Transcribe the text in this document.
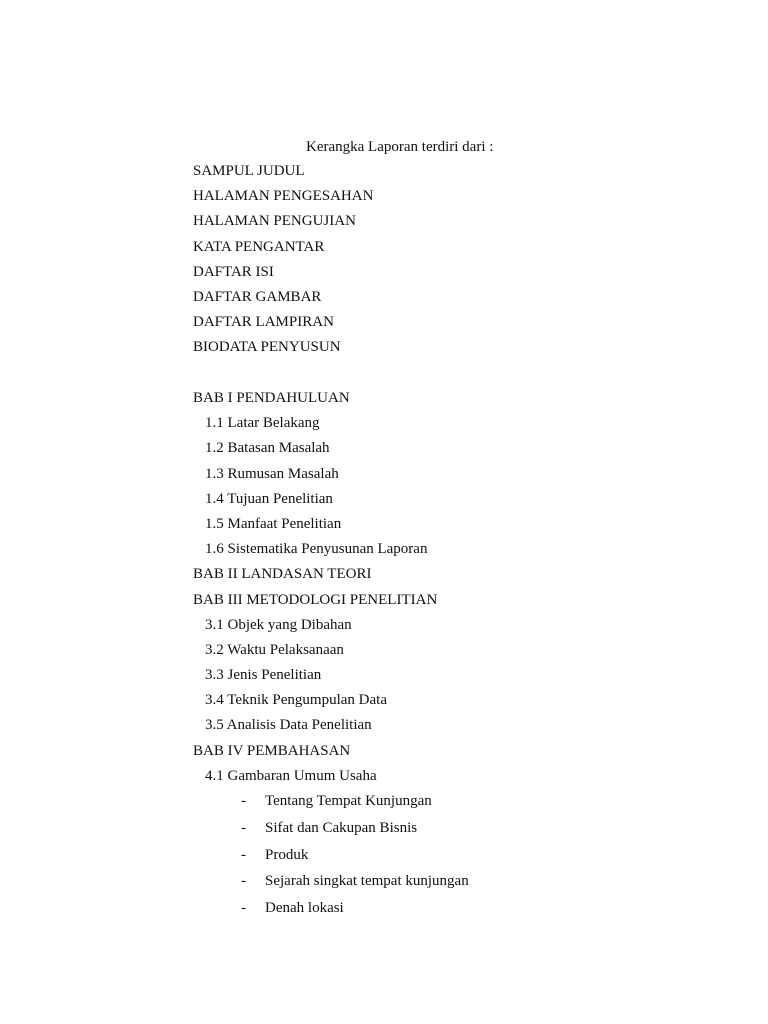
Kerangka Laporan terdiri dari :
SAMPUL JUDUL
HALAMAN PENGESAHAN
HALAMAN PENGUJIAN
KATA PENGANTAR
DAFTAR ISI
DAFTAR GAMBAR
DAFTAR LAMPIRAN
BIODATA PENYUSUN
BAB I PENDAHULUAN
1.1 Latar Belakang
1.2 Batasan Masalah
1.3 Rumusan Masalah
1.4 Tujuan Penelitian
1.5 Manfaat Penelitian
1.6 Sistematika Penyusunan Laporan
BAB II LANDASAN TEORI
BAB III METODOLOGI PENELITIAN
3.1 Objek yang Dibahan
3.2 Waktu Pelaksanaan
3.3 Jenis Penelitian
3.4 Teknik Pengumpulan Data
3.5 Analisis Data Penelitian
BAB IV PEMBAHASAN
4.1 Gambaran Umum Usaha
-	Tentang Tempat Kunjungan
-	Sifat dan Cakupan Bisnis
-	Produk
-	Sejarah singkat tempat kunjungan
-	Denah lokasi
